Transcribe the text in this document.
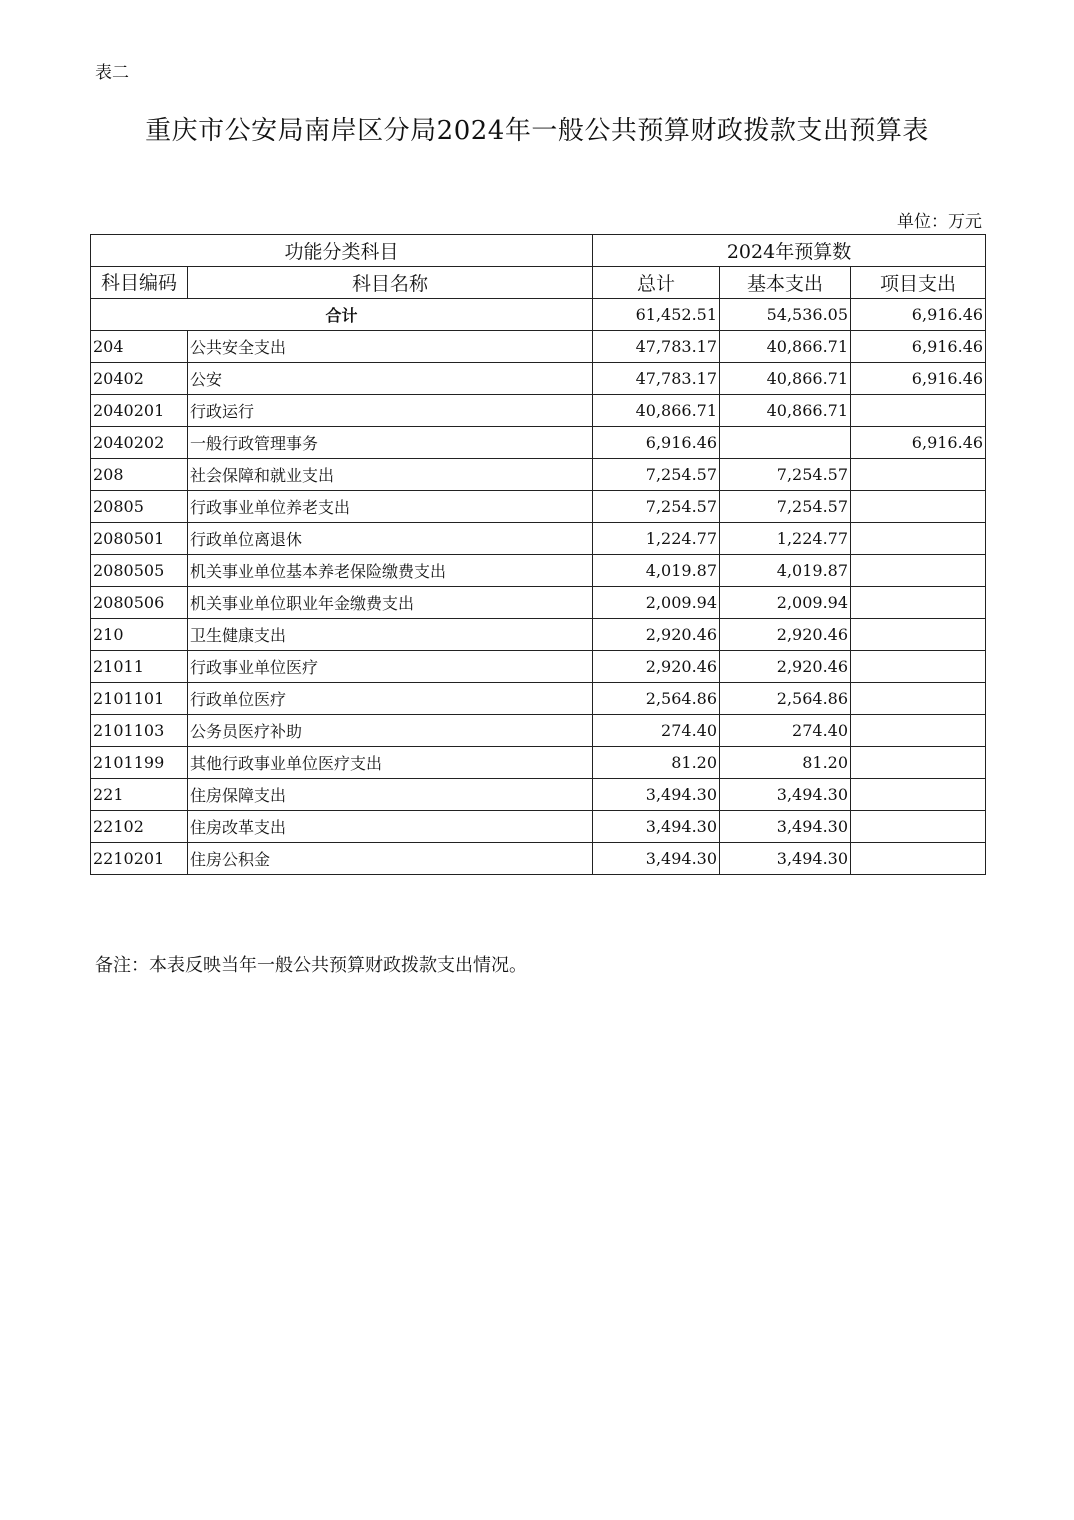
表二
重庆市公安局南岸区分局2024年一般公共预算财政拨款支出预算表
单位：万元
功能分类科目		2024年预算数		
科目编码	科目名称	总计	基本支出	项目支出
合计		61,452.51	54,536.05	6,916.46
204	公共安全支出	47,783.17	40,866.71	6,916.46
20402	公安	47,783.17	40,866.71	6,916.46
2040201	行政运行	40,866.71	40,866.71	
2040202	一般行政管理事务	6,916.46		6,916.46
208	社会保障和就业支出	7,254.57	7,254.57	
20805	行政事业单位养老支出	7,254.57	7,254.57	
2080501	行政单位离退休	1,224.77	1,224.77	
2080505	机关事业单位基本养老保险缴费支出	4,019.87	4,019.87	
2080506	机关事业单位职业年金缴费支出	2,009.94	2,009.94	
210	卫生健康支出	2,920.46	2,920.46	
21011	行政事业单位医疗	2,920.46	2,920.46	
2101101	行政单位医疗	2,564.86	2,564.86	
2101103	公务员医疗补助	274.40	274.40	
2101199	其他行政事业单位医疗支出	81.20	81.20	
221	住房保障支出	3,494.30	3,494.30	
22102	住房改革支出	3,494.30	3,494.30	
2210201	住房公积金	3,494.30	3,494.30	
备注：本表反映当年一般公共预算财政拨款支出情况。
